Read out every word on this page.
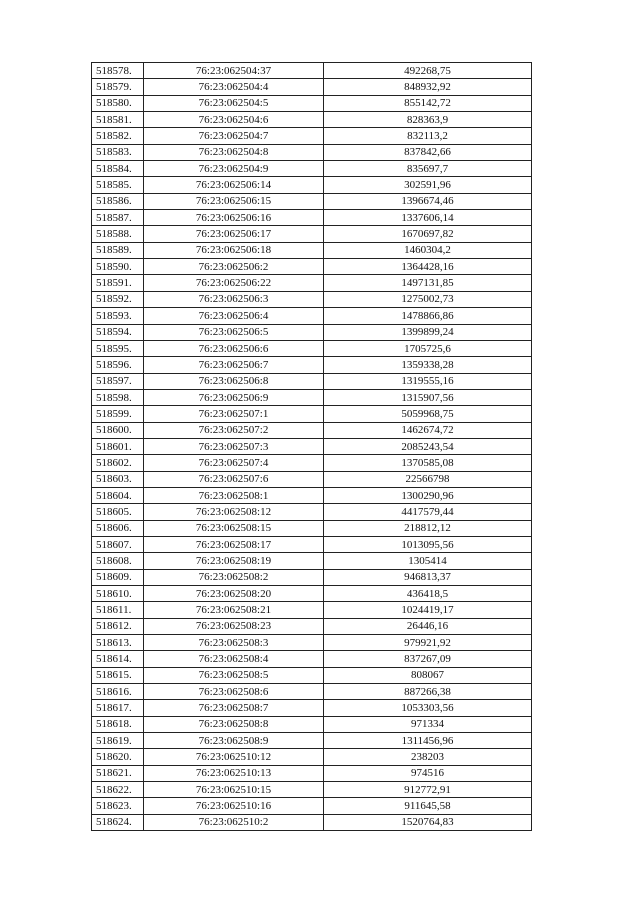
518578.	76:23:062504:37	492268,75
518579.	76:23:062504:4	848932,92
518580.	76:23:062504:5	855142,72
518581.	76:23:062504:6	828363,9
518582.	76:23:062504:7	832113,2
518583.	76:23:062504:8	837842,66
518584.	76:23:062504:9	835697,7
518585.	76:23:062506:14	302591,96
518586.	76:23:062506:15	1396674,46
518587.	76:23:062506:16	1337606,14
518588.	76:23:062506:17	1670697,82
518589.	76:23:062506:18	1460304,2
518590.	76:23:062506:2	1364428,16
518591.	76:23:062506:22	1497131,85
518592.	76:23:062506:3	1275002,73
518593.	76:23:062506:4	1478866,86
518594.	76:23:062506:5	1399899,24
518595.	76:23:062506:6	1705725,6
518596.	76:23:062506:7	1359338,28
518597.	76:23:062506:8	1319555,16
518598.	76:23:062506:9	1315907,56
518599.	76:23:062507:1	5059968,75
518600.	76:23:062507:2	1462674,72
518601.	76:23:062507:3	2085243,54
518602.	76:23:062507:4	1370585,08
518603.	76:23:062507:6	22566798
518604.	76:23:062508:1	1300290,96
518605.	76:23:062508:12	4417579,44
518606.	76:23:062508:15	218812,12
518607.	76:23:062508:17	1013095,56
518608.	76:23:062508:19	1305414
518609.	76:23:062508:2	946813,37
518610.	76:23:062508:20	436418,5
518611.	76:23:062508:21	1024419,17
518612.	76:23:062508:23	26446,16
518613.	76:23:062508:3	979921,92
518614.	76:23:062508:4	837267,09
518615.	76:23:062508:5	808067
518616.	76:23:062508:6	887266,38
518617.	76:23:062508:7	1053303,56
518618.	76:23:062508:8	971334
518619.	76:23:062508:9	1311456,96
518620.	76:23:062510:12	238203
518621.	76:23:062510:13	974516
518622.	76:23:062510:15	912772,91
518623.	76:23:062510:16	911645,58
518624.	76:23:062510:2	1520764,83
